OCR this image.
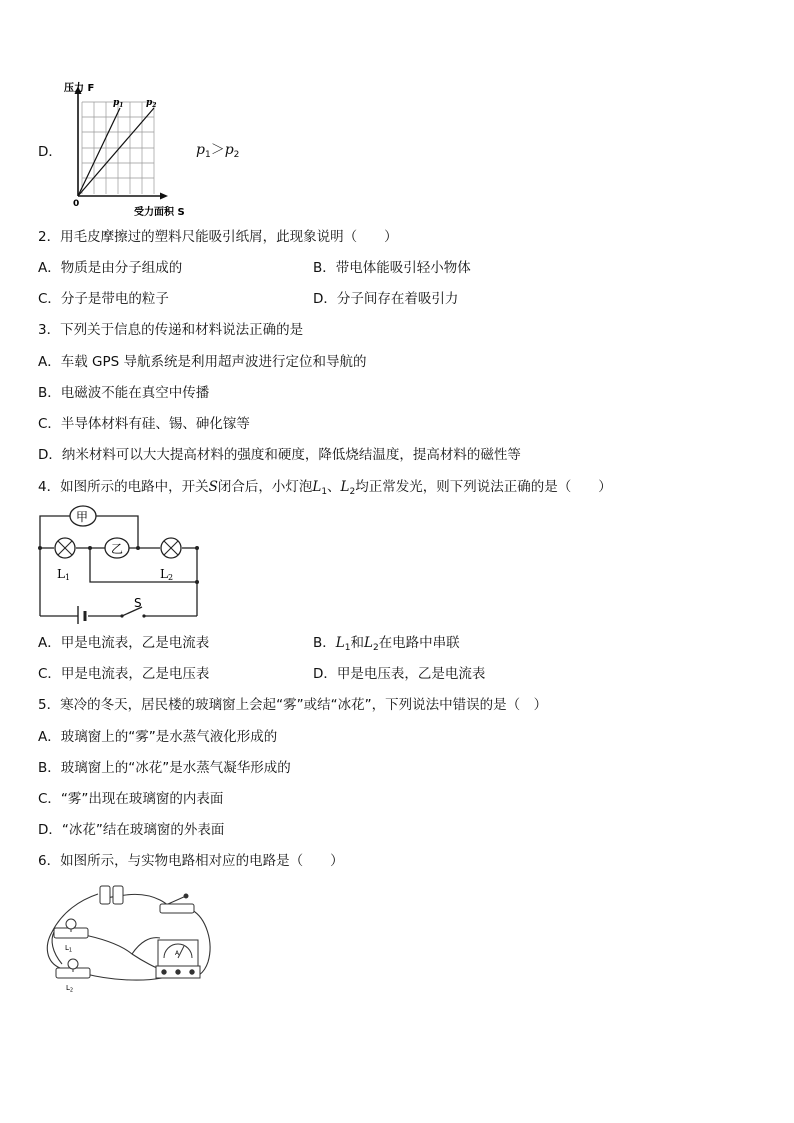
D．
压力 F
受力面积 S
0
$p_1$	$p_2$
$p_1>p_2$
2．用毛皮摩擦过的塑料尺能吸引纸屑，此现象说明（　　）
A．物质是由分子组成的	B．带电体能吸引轻小物体
C．分子是带电的粒子	D．分子间存在着吸引力
3．下列关于信息的传递和材料说法正确的是
A．车载 GPS 导航系统是利用超声波进行定位和导航的
B．电磁波不能在真空中传播
C．半导体材料有硅、锡、砷化镓等
D．纳米材料可以大大提高材料的强度和硬度，降低烧结温度，提高材料的磁性等
4．如图所示的电路中，开关S闭合后，小灯泡$L_1$、$L_2$均正常发光，则下列说法正确的是（　　）
甲
乙
L1	L2
S
A．甲是电流表，乙是电流表	B．$L_1$和$L_2$在电路中串联
C．甲是电流表，乙是电压表	D．甲是电压表，乙是电流表
5．寒冷的冬天，居民楼的玻璃窗上会起“雾”或结“冰花”，下列说法中错误的是（　）
A．玻璃窗上的“雾”是水蒸气液化形成的
B．玻璃窗上的“冰花”是水蒸气凝华形成的
C．“雾”出现在玻璃窗的内表面
D．“冰花”结在玻璃窗的外表面
6．如图所示，与实物电路相对应的电路是（　　）
$L_1$
$L_2$
A
